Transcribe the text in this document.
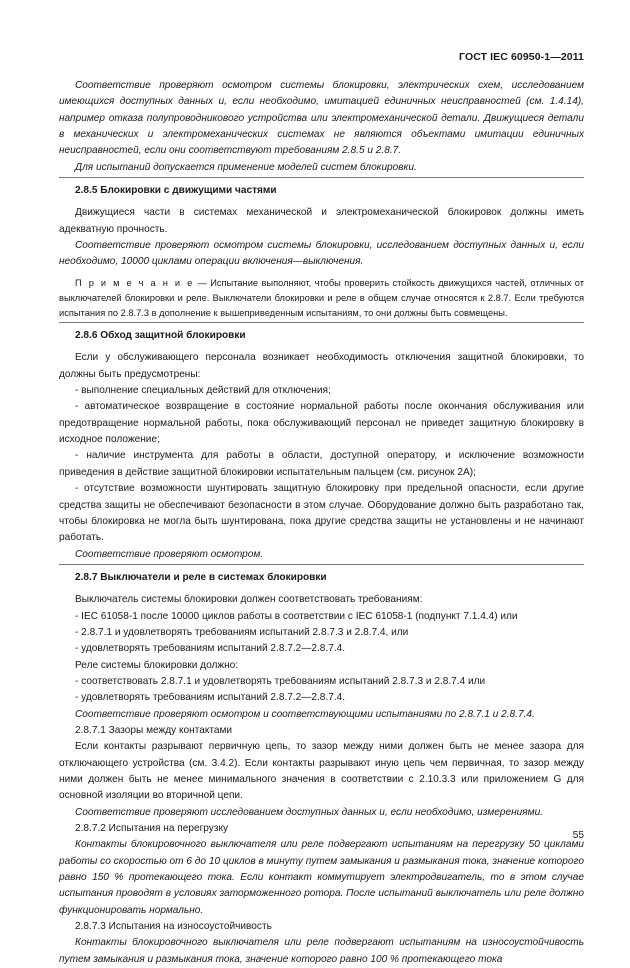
ГОСТ IEC 60950-1—2011

Соответствие проверяют осмотром системы блокировки, электрических схем, исследованием имеющихся доступных данных и, если необходимо, имитацией единичных неисправностей (см. 1.4.14), например отказа полупроводникового устройства или электромеханической детали. Движущиеся детали в механических и электромеханических системах не являются объектами имитации единичных неисправностей, если они соответствуют требованиям 2.8.5 и 2.8.7.

Для испытаний допускается применение моделей систем блокировки.

2.8.5 Блокировки с движущими частями

Движущиеся части в системах механической и электромеханической блокировок должны иметь адекватную прочность.

Соответствие проверяют осмотром системы блокировки, исследованием доступных данных и, если необходимо, 10000 циклами операции включения—выключения.

П р и м е ч а н и е — Испытание выполняют, чтобы проверить стойкость движущихся частей, отличных от выключателей блокировки и реле. Выключатели блокировки и реле в общем случае относятся к 2.8.7. Если требуются испытания по 2.8.7.3 в дополнение к вышеприведенным испытаниям, то они должны быть совмещены.

2.8.6 Обход защитной блокировки

Если у обслуживающего персонала возникает необходимость отключения защитной блокировки, то должны быть предусмотрены:

- выполнение специальных действий для отключения;

- автоматическое возвращение в состояние нормальной работы после окончания обслуживания или предотвращение нормальной работы, пока обслуживающий персонал не приведет защитную блокировку в исходное положение;

- наличие инструмента для работы в области, доступной оператору, и исключение возможности приведения в действие защитной блокировки испытательным пальцем (см. рисунок 2А);

- отсутствие возможности шунтировать защитную блокировку при предельной опасности, если другие средства защиты не обеспечивают безопасности в этом случае. Оборудование должно быть разработано так, чтобы блокировка не могла быть шунтирована, пока другие средства защиты не установлены и не начинают работать.

Соответствие проверяют осмотром.

2.8.7 Выключатели и реле в системах блокировки

Выключатель системы блокировки должен соответствовать требованиям:

- IEC 61058-1 после 10000 циклов работы в соответствии с IEC 61058-1 (подпункт 7.1.4.4) или

- 2.8.7.1 и удовлетворять требованиям испытаний 2.8.7.3 и 2.8.7.4, или

- удовлетворять требованиям испытаний 2.8.7.2—2.8.7.4.

Реле системы блокировки должно:

- соответствовать 2.8.7.1 и удовлетворять требованиям испытаний 2.8.7.3 и 2.8.7.4 или

- удовлетворять требованиям испытаний 2.8.7.2—2.8.7.4.

Соответствие проверяют осмотром и соответствующими испытаниями по 2.8.7.1 и 2.8.7.4.

2.8.7.1 Зазоры между контактами

Если контакты разрывают первичную цепь, то зазор между ними должен быть не менее зазора для отключающего устройства (см. 3.4.2). Если контакты разрывают иную цепь чем первичная, то зазор между ними должен быть не менее минимального значения в соответствии с 2.10.3.3 или приложением G для основной изоляции во вторичной цепи.

Соответствие проверяют исследованием доступных данных и, если необходимо, измерениями.

2.8.7.2 Испытания на перегрузку

Контакты блокировочного выключателя или реле подвергают испытаниям на перегрузку 50 циклами работы со скоростью от 6 до 10 циклов в минуту путем замыкания и размыкания тока, значение которого равно 150 % протекающего тока. Если контакт коммутирует электродвигатель, то в этом случае испытания проводят в условиях заторможенного ротора. После испытаний выключатель или реле должно функционировать нормально.

2.8.7.3 Испытания на износоустойчивость

Контакты блокировочного выключателя или реле подвергают испытаниям на износоустойчивость путем замыкания и размыкания тока, значение которого равно 100 % протекающего тока

55
